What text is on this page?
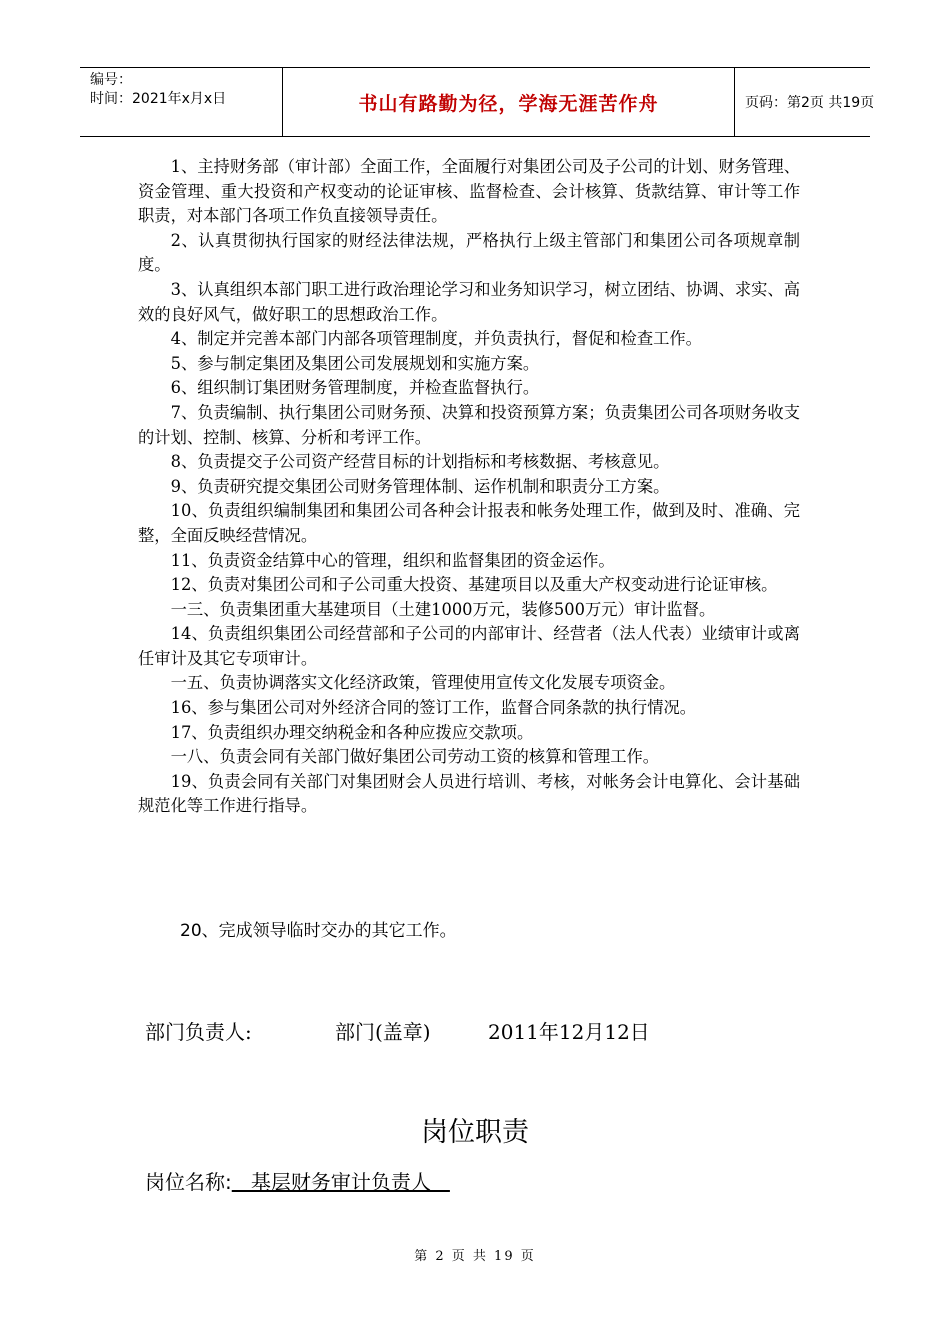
编号：
时间：2021年x月x日	书山有路勤为径，学海无涯苦作舟	页码：第2页 共19页

1、主持财务部（审计部）全面工作，全面履行对集团公司及子公司的计划、财务管理、资金管理、重大投资和产权变动的论证审核、监督检查、会计核算、货款结算、审计等工作职责，对本部门各项工作负直接领导责任。

2、认真贯彻执行国家的财经法律法规，严格执行上级主管部门和集团公司各项规章制度。

3、认真组织本部门职工进行政治理论学习和业务知识学习，树立团结、协调、求实、高效的良好风气，做好职工的思想政治工作。

4、制定并完善本部门内部各项管理制度，并负责执行，督促和检查工作。

5、参与制定集团及集团公司发展规划和实施方案。

6、组织制订集团财务管理制度，并检查监督执行。

7、负责编制、执行集团公司财务预、决算和投资预算方案；负责集团公司各项财务收支的计划、控制、核算、分析和考评工作。

8、负责提交子公司资产经营目标的计划指标和考核数据、考核意见。

9、负责研究提交集团公司财务管理体制、运作机制和职责分工方案。

10、负责组织编制集团和集团公司各种会计报表和帐务处理工作，做到及时、准确、完整，全面反映经营情况。

11、负责资金结算中心的管理，组织和监督集团的资金运作。

12、负责对集团公司和子公司重大投资、基建项目以及重大产权变动进行论证审核。

一三、负责集团重大基建项目（土建1000万元，装修500万元）审计监督。

14、负责组织集团公司经营部和子公司的内部审计、经营者（法人代表）业绩审计或离任审计及其它专项审计。

一五、负责协调落实文化经济政策，管理使用宣传文化发展专项资金。

16、参与集团公司对外经济合同的签订工作，监督合同条款的执行情况。

17、负责组织办理交纳税金和各种应拨应交款项。

一八、负责会同有关部门做好集团公司劳动工资的核算和管理工作。

19、负责会同有关部门对集团财会人员进行培训、考核，对帐务会计电算化、会计基础规范化等工作进行指导。

20、完成领导临时交办的其它工作。
部门负责人:	部门(盖章)	2011年12月12日
岗位职责
岗位名称:   基层财务审计负责人
第 2 页 共 19 页
